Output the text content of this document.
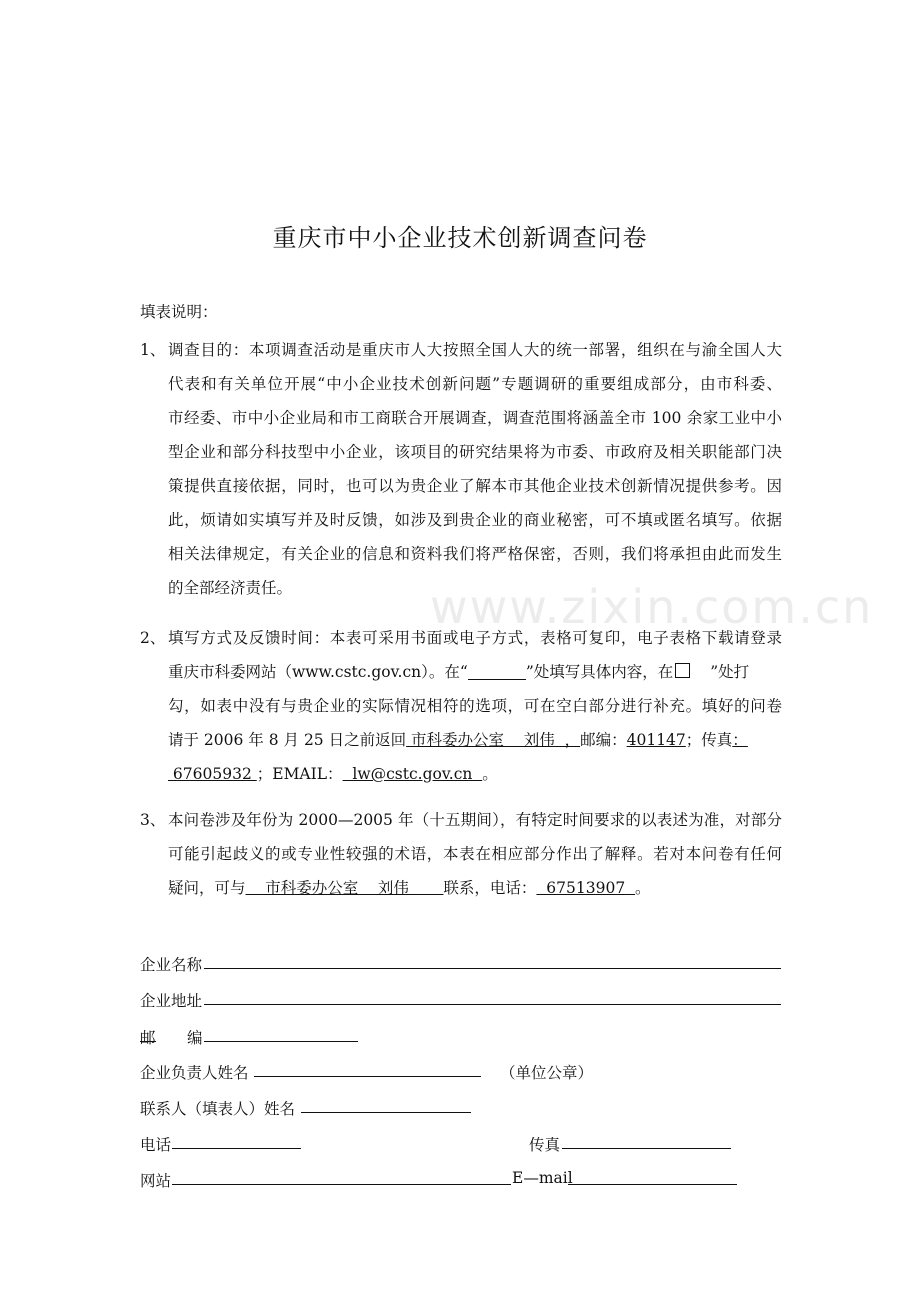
www.zixin.com.cn
重庆市中小企业技术创新调查问卷
填表说明：
1、 调查目的：本项调查活动是重庆市人大按照全国人大的统一部署，组织在与渝全国人大
代表和有关单位开展“中小企业技术创新问题”专题调研的重要组成部分，由市科委、
市经委、市中小企业局和市工商联合开展调查，调查范围将涵盖全市 100 余家工业中小
型企业和部分科技型中小企业，该项目的研究结果将为市委、市政府及相关职能部门决
策提供直接依据，同时，也可以为贵企业了解本市其他企业技术创新情况提供参考。因
此，烦请如实填写并及时反馈，如涉及到贵企业的商业秘密，可不填或匿名填写。依据
相关法律规定，有关企业的信息和资料我们将严格保密，否则，我们将承担由此而发生
的全部经济责任。
2、 填写方式及反馈时间：本表可采用书面或电子方式，表格可复印，电子表格下载请登录
重庆市科委网站（www.cstc.gov.cn）。在“	”处填写具体内容，在 ”处打
勾，如表中没有与贵企业的实际情况相符的选项，可在空白部分进行补充。填好的问卷
请于 2006 年 8 月 25 日之前返回 市科委办公室    刘伟  ，邮编：401147；传真：
67605932 ；EMAIL：  lw@cstc.gov.cn  。
3、 本问卷涉及年份为 2000—2005 年（十五期间），有特定时间要求的以表述为准，对部分
可能引起歧义的或专业性较强的术语，本表在相应部分作出了解释。若对本问卷有任何
疑问，可与    市科委办公室    刘伟       联系，电话：  67513907  。
企业名称
企业地址
邮 编
企业负责人姓名	（单位公章）
联系人（填表人）姓名
电话	传真
网站	E—mail
